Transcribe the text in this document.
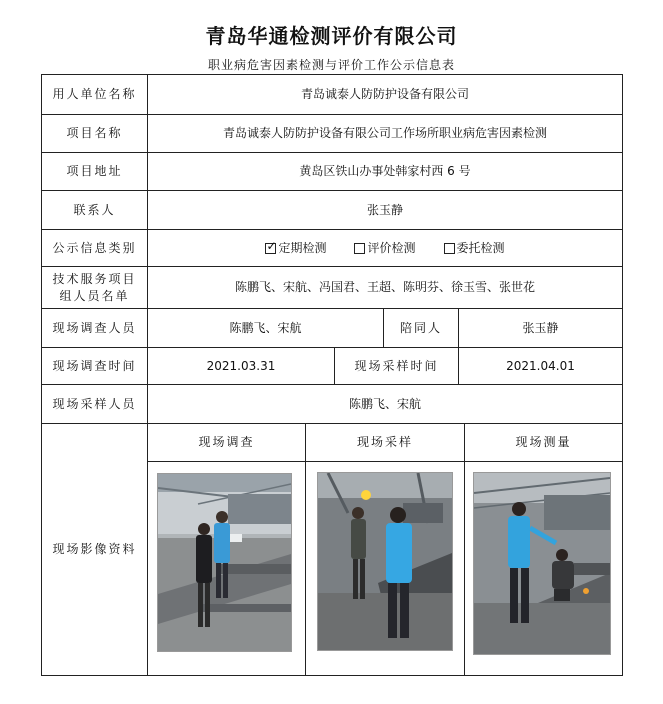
青岛华通检测评价有限公司
职业病危害因素检测与评价工作公示信息表
用人单位名称	青岛诚泰人防防护设备有限公司
项目名称	青岛诚泰人防防护设备有限公司工作场所职业病危害因素检测
项目地址	黄岛区铁山办事处韩家村西 6 号
联系人	张玉静
公示信息类别
✓	定期检测	评价检测	委托检测
技术服务项目组人员名单
陈鹏飞、宋航、冯国君、王超、陈明芬、徐玉雪、张世花
现场调查人员	陈鹏飞、宋航	陪同人	张玉静
现场调查时间	2021.03.31	现场采样时间	2021.04.01
现场采样人员	陈鹏飞、宋航
现场影像资料
现场调查	现场采样	现场测量
